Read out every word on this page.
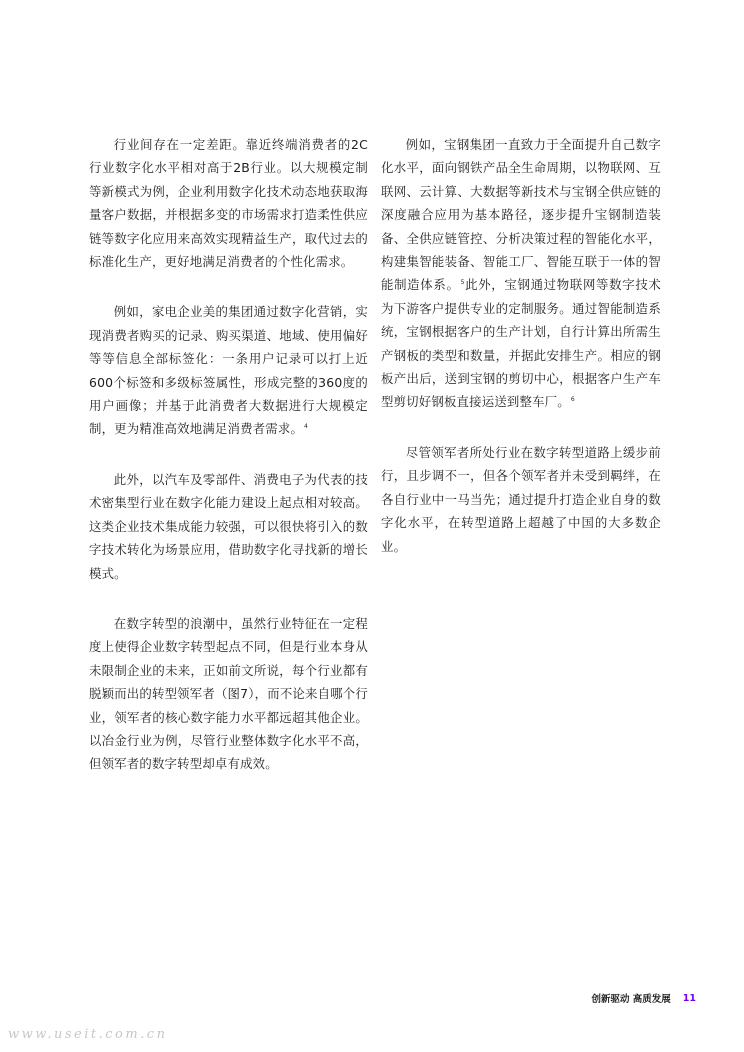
行业间存在一定差距。靠近终端消费者的2C行业数字化水平相对高于2B行业。以大规模定制等新模式为例，企业利用数字化技术动态地获取海量客户数据，并根据多变的市场需求打造柔性供应链等数字化应用来高效实现精益生产，取代过去的标准化生产，更好地满足消费者的个性化需求。

例如，家电企业美的集团通过数字化营销，实现消费者购买的记录、购买渠道、地域、使用偏好等等信息全部标签化：一条用户记录可以打上近600个标签和多级标签属性，形成完整的360度的用户画像；并基于此消费者大数据进行大规模定制，更为精准高效地满足消费者需求。$^4$

此外，以汽车及零部件、消费电子为代表的技术密集型行业在数字化能力建设上起点相对较高。这类企业技术集成能力较强，可以很快将引入的数字技术转化为场景应用，借助数字化寻找新的增长模式。

在数字转型的浪潮中，虽然行业特征在一定程度上使得企业数字转型起点不同，但是行业本身从未限制企业的未来，正如前文所说，每个行业都有脱颖而出的转型领军者（图7），而不论来自哪个行业，领军者的核心数字能力水平都远超其他企业。以冶金行业为例，尽管行业整体数字化水平不高，但领军者的数字转型却卓有成效。

例如，宝钢集团一直致力于全面提升自己数字化水平，面向钢铁产品全生命周期，以物联网、互联网、云计算、大数据等新技术与宝钢全供应链的深度融合应用为基本路径，逐步提升宝钢制造装备、全供应链管控、分析决策过程的智能化水平，构建集智能装备、智能工厂、智能互联于一体的智能制造体系。$^5$此外，宝钢通过物联网等数字技术为下游客户提供专业的定制服务。通过智能制造系统，宝钢根据客户的生产计划，自行计算出所需生产钢板的类型和数量，并据此安排生产。相应的钢板产出后，送到宝钢的剪切中心，根据客户生产车型剪切好钢板直接运送到整车厂。$^6$

尽管领军者所处行业在数字转型道路上缓步前行，且步调不一，但各个领军者并未受到羁绊，在各自行业中一马当先；通过提升打造企业自身的数字化水平，在转型道路上超越了中国的大多数企业。

创新驱动 高质发展 11
www.useit.com.cn
